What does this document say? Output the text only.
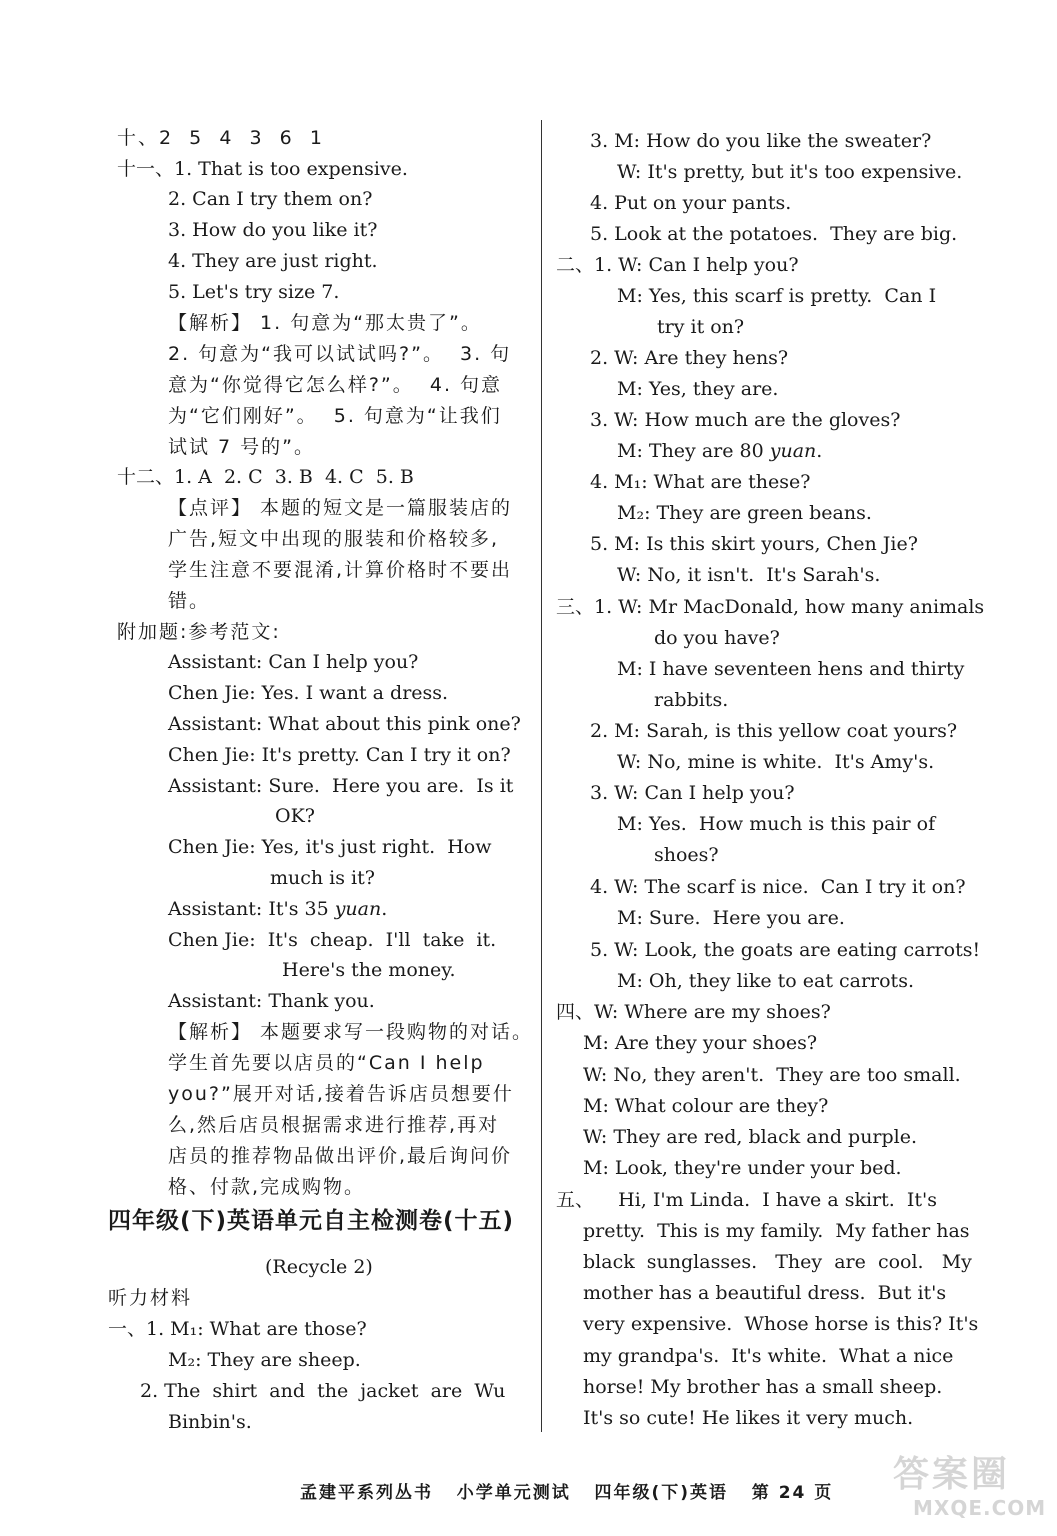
十、2  5  4  3  6  1
十一、1. That is too expensive.
2. Can I try them on?
3. How do you like it?
4. They are just right.
5. Let's try size 7.
【解析】 1. 句意为“那太贵了”。
2. 句意为“我可以试试吗?”。  3. 句
意为“你觉得它怎么样?”。  4. 句意
为“它们刚好”。  5. 句意为“让我们
试试 7 号的”。
十二、1. A  2. C  3. B  4. C  5. B
【点评】 本题的短文是一篇服装店的
广告,短文中出现的服装和价格较多,
学生注意不要混淆,计算价格时不要出
错。
附加题:参考范文:
Assistant: Can I help you?
Chen Jie: Yes. I want a dress.
Assistant: What about this pink one?
Chen Jie: It's pretty. Can I try it on?
Assistant: Sure.  Here you are.  Is it
OK?
Chen Jie: Yes, it's just right.  How
much is it?
Assistant: It's 35 yuan.
Chen Jie:  It's  cheap.  I'll  take  it.
Here's the money.
Assistant: Thank you.
【解析】 本题要求写一段购物的对话。
学生首先要以店员的“Can I help
you?”展开对话,接着告诉店员想要什
么,然后店员根据需求进行推荐,再对
店员的推荐物品做出评价,最后询问价
格、付款,完成购物。
四年级(下)英语单元自主检测卷(十五)
(Recycle 2)
听力材料
一、1. M₁: What are those?
M₂: They are sheep.
2. The  shirt  and  the  jacket  are  Wu
Binbin's.
3. M: How do you like the sweater?
W: It's pretty, but it's too expensive.
4. Put on your pants.
5. Look at the potatoes.  They are big.
二、1. W: Can I help you?
M: Yes, this scarf is pretty.  Can I
try it on?
2. W: Are they hens?
M: Yes, they are.
3. W: How much are the gloves?
M: They are 80 yuan.
4. M₁: What are these?
M₂: They are green beans.
5. M: Is this skirt yours, Chen Jie?
W: No, it isn't.  It's Sarah's.
三、1. W: Mr MacDonald, how many animals
do you have?
M: I have seventeen hens and thirty
rabbits.
2. M: Sarah, is this yellow coat yours?
W: No, mine is white.  It's Amy's.
3. W: Can I help you?
M: Yes.  How much is this pair of
shoes?
4. W: The scarf is nice.  Can I try it on?
M: Sure.  Here you are.
5. W: Look, the goats are eating carrots!
M: Oh, they like to eat carrots.
四、W: Where are my shoes?
M: Are they your shoes?
W: No, they aren't.  They are too small.
M: What colour are they?
W: They are red, black and purple.
M: Look, they're under your bed.
五、    Hi, I'm Linda.  I have a skirt.  It's
pretty.  This is my family.  My father has
black  sunglasses.   They  are  cool.   My
mother has a beautiful dress.  But it's
very expensive.  Whose horse is this? It's
my grandpa's.  It's white.  What a nice
horse! My brother has a small sheep.
It's so cute! He likes it very much.
孟建平系列丛书   小学单元测试   四年级(下)英语   第 24 页 答案圈
MXQE.COM
